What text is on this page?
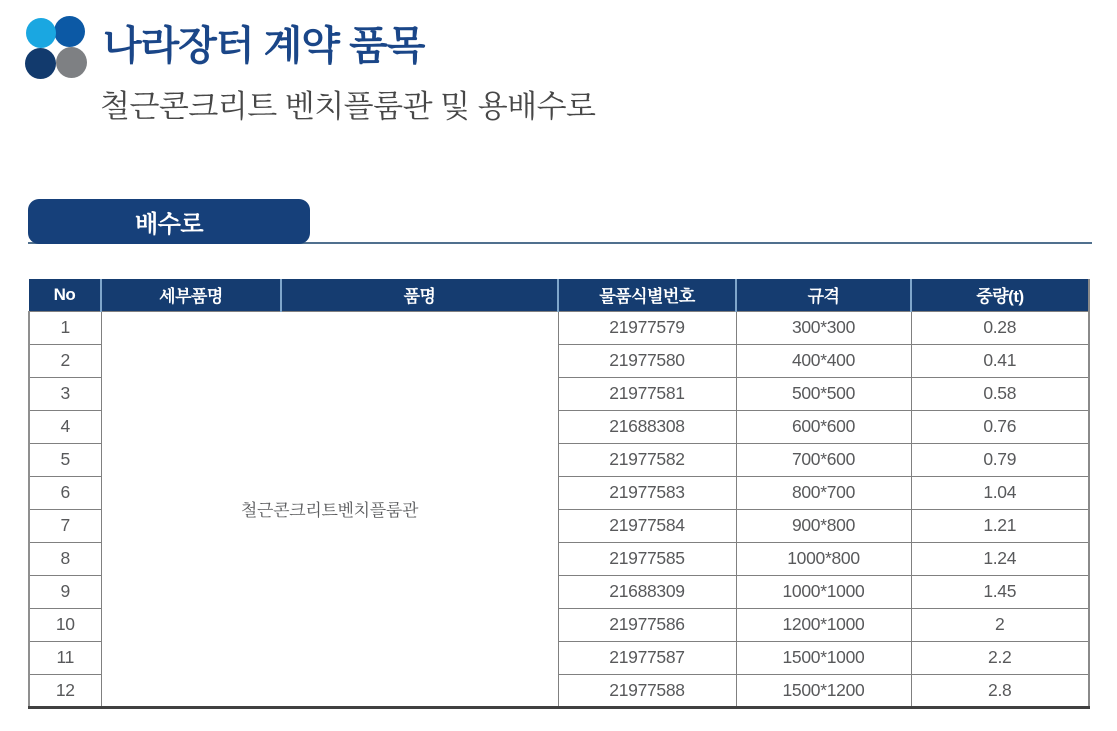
나라장터 계약 품목
철근콘크리트 벤치플룸관 및 용배수로
배수로
No	세부품명	품명	물품식별번호	규격	중량(t)
1	철근콘크리트벤치플룸관		21977579	300*300	0.28
2			21977580	400*400	0.41
3			21977581	500*500	0.58
4			21688308	600*600	0.76
5			21977582	700*600	0.79
6			21977583	800*700	1.04
7			21977584	900*800	1.21
8			21977585	1000*800	1.24
9			21688309	1000*1000	1.45
10			21977586	1200*1000	2
11			21977587	1500*1000	2.2
12			21977588	1500*1200	2.8
